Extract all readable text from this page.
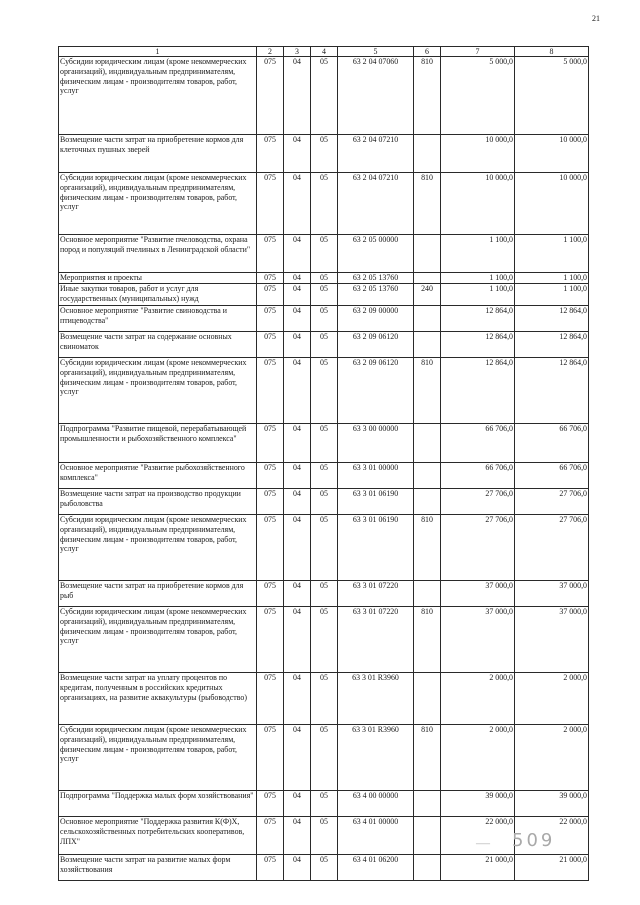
21
1	2	3	4	5	6	7	8
Субсидии юридическим лицам (кроме некоммерческих организаций), индивидуальным предпринимателям, физическим лицам - производителям товаров, работ, услуг	075	04	05	63 2 04 07060	810	5 000,0	5 000,0
Возмещение части затрат на приобретение кормов для клеточных пушных зверей	075	04	05	63 2 04 07210		10 000,0	10 000,0
Субсидии юридическим лицам (кроме некоммерческих организаций), индивидуальным предпринимателям, физическим лицам - производителям товаров, работ, услуг	075	04	05	63 2 04 07210	810	10 000,0	10 000,0
Основное мероприятие "Развитие пчеловодства, охрана пород и популяций пчелиных в Ленинградской области"	075	04	05	63 2 05 00000		1 100,0	1 100,0
Мероприятия и проекты	075	04	05	63 2 05 13760		1 100,0	1 100,0
Иные закупки товаров, работ и услуг для государственных (муниципальных) нужд	075	04	05	63 2 05 13760	240	1 100,0	1 100,0
Основное мероприятие "Развитие свиноводства и птицеводства"	075	04	05	63 2 09 00000		12 864,0	12 864,0
Возмещение части затрат на содержание основных свиноматок	075	04	05	63 2 09 06120		12 864,0	12 864,0
Субсидии юридическим лицам (кроме некоммерческих организаций), индивидуальным предпринимателям, физическим лицам - производителям товаров, работ, услуг	075	04	05	63 2 09 06120	810	12 864,0	12 864,0
Подпрограмма "Развитие пищевой, перерабатывающей промышленности и рыбохозяйственного комплекса"	075	04	05	63 3 00 00000		66 706,0	66 706,0
Основное мероприятие "Развитие рыбохозяйственного комплекса"	075	04	05	63 3 01 00000		66 706,0	66 706,0
Возмещение части затрат на производство продукции рыболовства	075	04	05	63 3 01 06190		27 706,0	27 706,0
Субсидии юридическим лицам (кроме некоммерческих организаций), индивидуальным предпринимателям, физическим лицам - производителям товаров, работ, услуг	075	04	05	63 3 01 06190	810	27 706,0	27 706,0
Возмещение части затрат на приобретение кормов для рыб	075	04	05	63 3 01 07220		37 000,0	37 000,0
Субсидии юридическим лицам (кроме некоммерческих организаций), индивидуальным предпринимателям, физическим лицам - производителям товаров, работ, услуг	075	04	05	63 3 01 07220	810	37 000,0	37 000,0
Возмещение части затрат на уплату процентов по кредитам, полученным в российских кредитных организациях, на развитие аквакультуры (рыбоводство)	075	04	05	63 3 01 R3960		2 000,0	2 000,0
Субсидии юридическим лицам (кроме некоммерческих организаций), индивидуальным предпринимателям, физическим лицам - производителям товаров, работ, услуг	075	04	05	63 3 01 R3960	810	2 000,0	2 000,0
Подпрограмма "Поддержка малых форм хозяйствования"	075	04	05	63 4 00 00000		39 000,0	39 000,0
Основное мероприятие "Поддержка развития К(Ф)Х, сельскохозяйственных потребительских кооперативов, ЛПХ"	075	04	05	63 4 01 00000		22 000,0	22 000,0
Возмещение части затрат на развитие малых форм хозяйствования	075	04	05	63 4 01 06200		21 000,0	21 000,0
— 509
